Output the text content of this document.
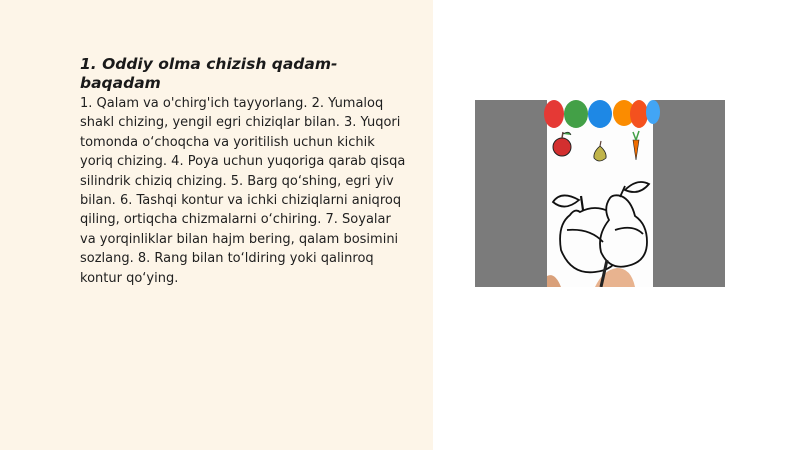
1. Oddiy olma chizish qadam-baqadam

1. Qalam va o'chirg'ich tayyorlang. 2. Yumaloq shakl chizing, yengil egri chiziqlar bilan. 3. Yuqori tomonda o‘choqcha va yoritilish uchun kichik yoriq chizing. 4. Poya uchun yuqoriga qarab qisqa silindrik chiziq chizing. 5. Barg qo‘shing, egri yiv bilan. 6. Tashqi kontur va ichki chiziqlarni aniqroq qiling, ortiqcha chizmalarni o‘chiring. 7. Soyalar va yorqinliklar bilan hajm bering, qalam bosimini sozlang. 8. Rang bilan to‘ldiring yoki qalinroq kontur qo‘ying.
